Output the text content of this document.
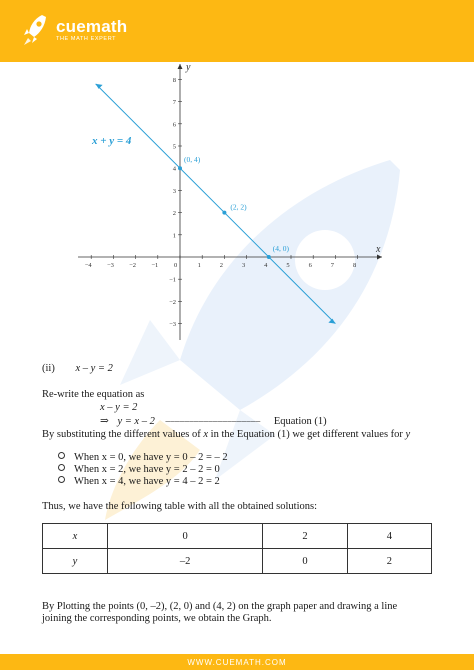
cuemath
THE MATH EXPERT
−4 −3 −2 −1 0	1	2	3	4	5	6	7	8
8
7
6
5
4
3
2
1
−1
−2
−3
x
y
x + y = 4
(0, 4)
(2, 2)
(4, 0)
(ii) x – y = 2
Re-write the equation as
x – y = 2
⇒ y = x – 2 – – – – – – – – – – – – – – – – – – – – Equation (1)
By substituting the different values of x in the Equation (1) we get different values for y
When x = 0, we have y = 0 – 2 = – 2
When x = 2, we have y = 2 – 2 = 0
When x = 4, we have y = 4 – 2 = 2
Thus, we have the following table with all the obtained solutions:
x	0	2	4
y	–2	0	2
By Plotting the points (0, –2), (2, 0) and (4, 2) on the graph paper and drawing a line
joining the corresponding points, we obtain the Graph.
WWW.CUEMATH.COM
